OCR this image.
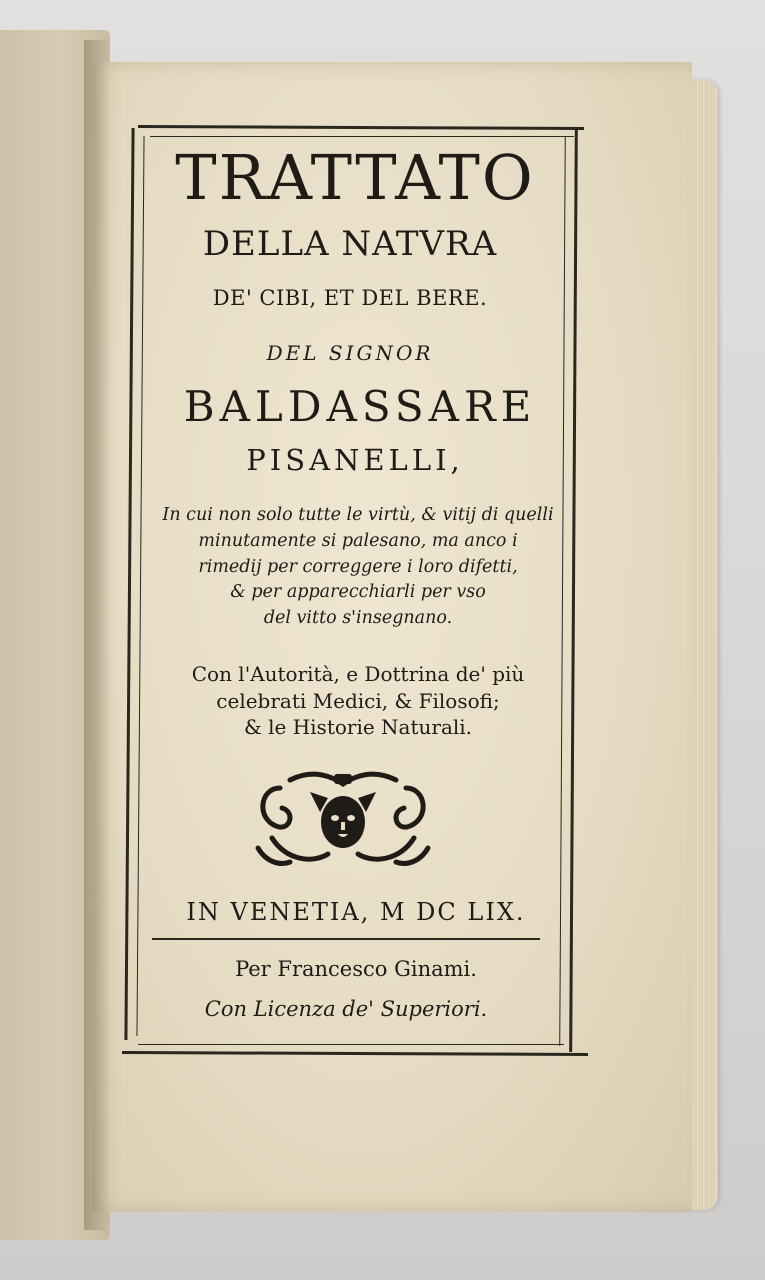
TRATTATO
DELLA NATVRA
DE' CIBI, ET DEL BERE.
DEL SIGNOR
BALDASSARE
PISANELLI,
In cui non solo tutte le virtù, & vitij di quelli
minutamente si palesano, ma anco i
rimedij per correggere i loro difetti,
& per apparecchiarli per vso
del vitto s'insegnano.
Con l'Autorità, e Dottrina de' più
celebrati Medici, & Filosofi;
& le Historie Naturali.
IN VENETIA, M DC LIX.
Per Francesco Ginami.
Con Licenza de' Superiori.
